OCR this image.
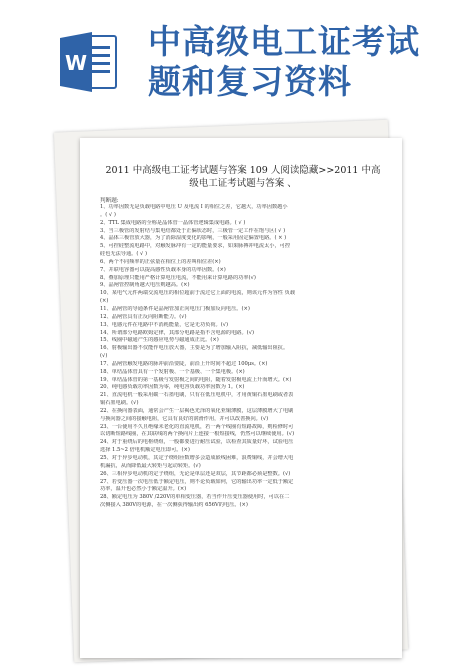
W
中高级电工证考试
题和复习资料
2011 中高级电工证考试题与答案 109 人阅读隐藏>>2011 中高
级电工证考试题与答案 、
判断题:
1、功率因数无是负载电路中电压 U 及电流 I 的相位之差，它越大，功率因数越小
。( √ )
2、TTL 集成电路的全称是晶体管一晶体管逻辑集成电路。( √ )
3、当三极管的发射结与集电结都处于正偏状态时，三极管一定工作在饱与区( √ )
4、晶体三极管放大器，为了消除湿度变化的影响，一般采用固定偏置电路。( × )
5、可控硅整流电路中，对触发脉冲有一定的能量要求，如果脉搏冲电流太小，可控
硅也无法导通。( √ )
6、两个不同频率的正弦量在相位上的差叫相位差(×)
7、并联电容器可以提高感性负载本身的功率因数。(×)
8、叠加原理只能用严格计算电压电流，不能用来计算电路的功率(√)
9、晶闸管控制角越大电压则越高。(×)
10、某电气元件两端交流电压的相位超前于流过它上面的电流，则该元件为容性 负载
(×)
11、晶闸管的导通条件是晶闸管加正向电压门极加反向电压。(×)
12、晶闸管具有正反向阻断能力。(√)
13、电感元件在电路中不消耗能量，它是无功负荷。(√)
14、所谓部分电路欧姆定律，其部分电路是指不含电源的电路。(√)
15、线圈中磁通产生的感应电势与磁通成正比。(×)
16、射极输出器不仅能作电压放大器，主要是为了增加输入阻抗，减低输出阻抗。
(√)
17、晶闸管触发电路的脉冲前沿要陡，前沿上升时间不超过 100μs。(×)
18、单结晶体管具有一个发射极、一个基极、一个集电极。(×)
19、单结晶体管的第一基极与发射极之间的电阻，随着发射极电流上升而增大。(×)
20、纯电感负载功率因数为零，纯电容负载功率因数为 1。(×)
21、直流电机一般采用碳一石墨电刷，只有在低压电机中，才用黄铜石墨电刷或者表
铜石墨电刷。(√)
22、在换向器表面，通常会产生一层褐色光泽的氧化亚铜薄膜，这层薄膜增大了电刷
与换向器之间的接触电阻，它具有良好的润滑作用，并可以改善换向。(√)
23、一台使用不久且绝缘未老化的直流电机，若一两个线圈有短路故障，则检修时可
以切断短路线圈，在其联线的两个换向片上连接一根短接线，仍然可以继续使用。(√)
24、对于重绕后的电枢绕组，一般都要进行耐压试验，以检查其质量好坏，试验电压
选择 1.5~2 倍电机额定电压即可。(×)
25、对于异步电动机，其定子绕组匝数增多会造成嵌线困难，浪费铜线，并会增大电
机漏抗，从而降低最大转矩与起动转矩。(√)
26、三相异步电动机的定子绕组，无论是单层还是双层，其节距都必须是整数。(√)
27、若变压器一次电压低于额定电压，则不论负载如何，它的输出功率一定低于额定
功率，温升也必然小于额定温升。(×)
28、额定电压为 380V /220V的单相变压器，若当作升压变压器使用时，可以在二
次侧接入 380V的电源，在一次侧获得输出约 656V的电压。(×)
